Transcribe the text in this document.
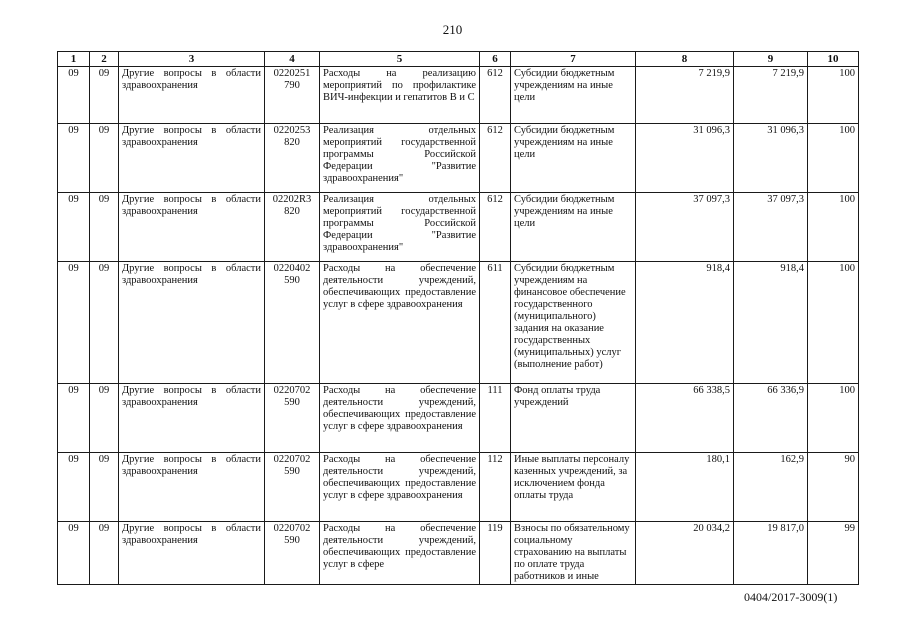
210
1	2	3	4	5	6	7	8	9	10
09	09	Другие вопросы в области здравоохранения	0220251 790	Расходы на реализацию мероприятий по профилактике ВИЧ-инфекции и гепатитов В и С	612	Субсидии бюджетным учреждениям на иные цели	7 219,9	7 219,9	100
09	09	Другие вопросы в области здравоохранения	0220253 820	Реализация отдельных мероприятий государственной программы Российской Федерации "Развитие здравоохранения"	612	Субсидии бюджетным учреждениям на иные цели	31 096,3	31 096,3	100
09	09	Другие вопросы в области здравоохранения	02202R3 820	Реализация отдельных мероприятий государственной программы Российской Федерации "Развитие здравоохранения"	612	Субсидии бюджетным учреждениям на иные цели	37 097,3	37 097,3	100
09	09	Другие вопросы в области здравоохранения	0220402 590	Расходы на обеспечение деятельности учреждений, обеспечивающих предоставление услуг в сфере здравоохранения	611	Субсидии бюджетным учреждениям на финансовое обеспечение государственного (муниципального) задания на оказание государственных (муниципальных) услуг (выполнение работ)	918,4	918,4	100
09	09	Другие вопросы в области здравоохранения	0220702 590	Расходы на обеспечение деятельности учреждений, обеспечивающих предоставление услуг в сфере здравоохранения	111	Фонд оплаты труда учреждений	66 338,5	66 336,9	100
09	09	Другие вопросы в области здравоохранения	0220702 590	Расходы на обеспечение деятельности учреждений, обеспечивающих предоставление услуг в сфере здравоохранения	112	Иные выплаты персоналу казенных учреждений, за исключением фонда оплаты труда	180,1	162,9	90
09	09	Другие вопросы в области здравоохранения	0220702 590	Расходы на обеспечение деятельности учреждений, обеспечивающих предоставление услуг в сфере	119	Взносы по обязательному социальному страхованию на выплаты по оплате труда работников и иные	20 034,2	19 817,0	99
0404/2017-3009(1)
